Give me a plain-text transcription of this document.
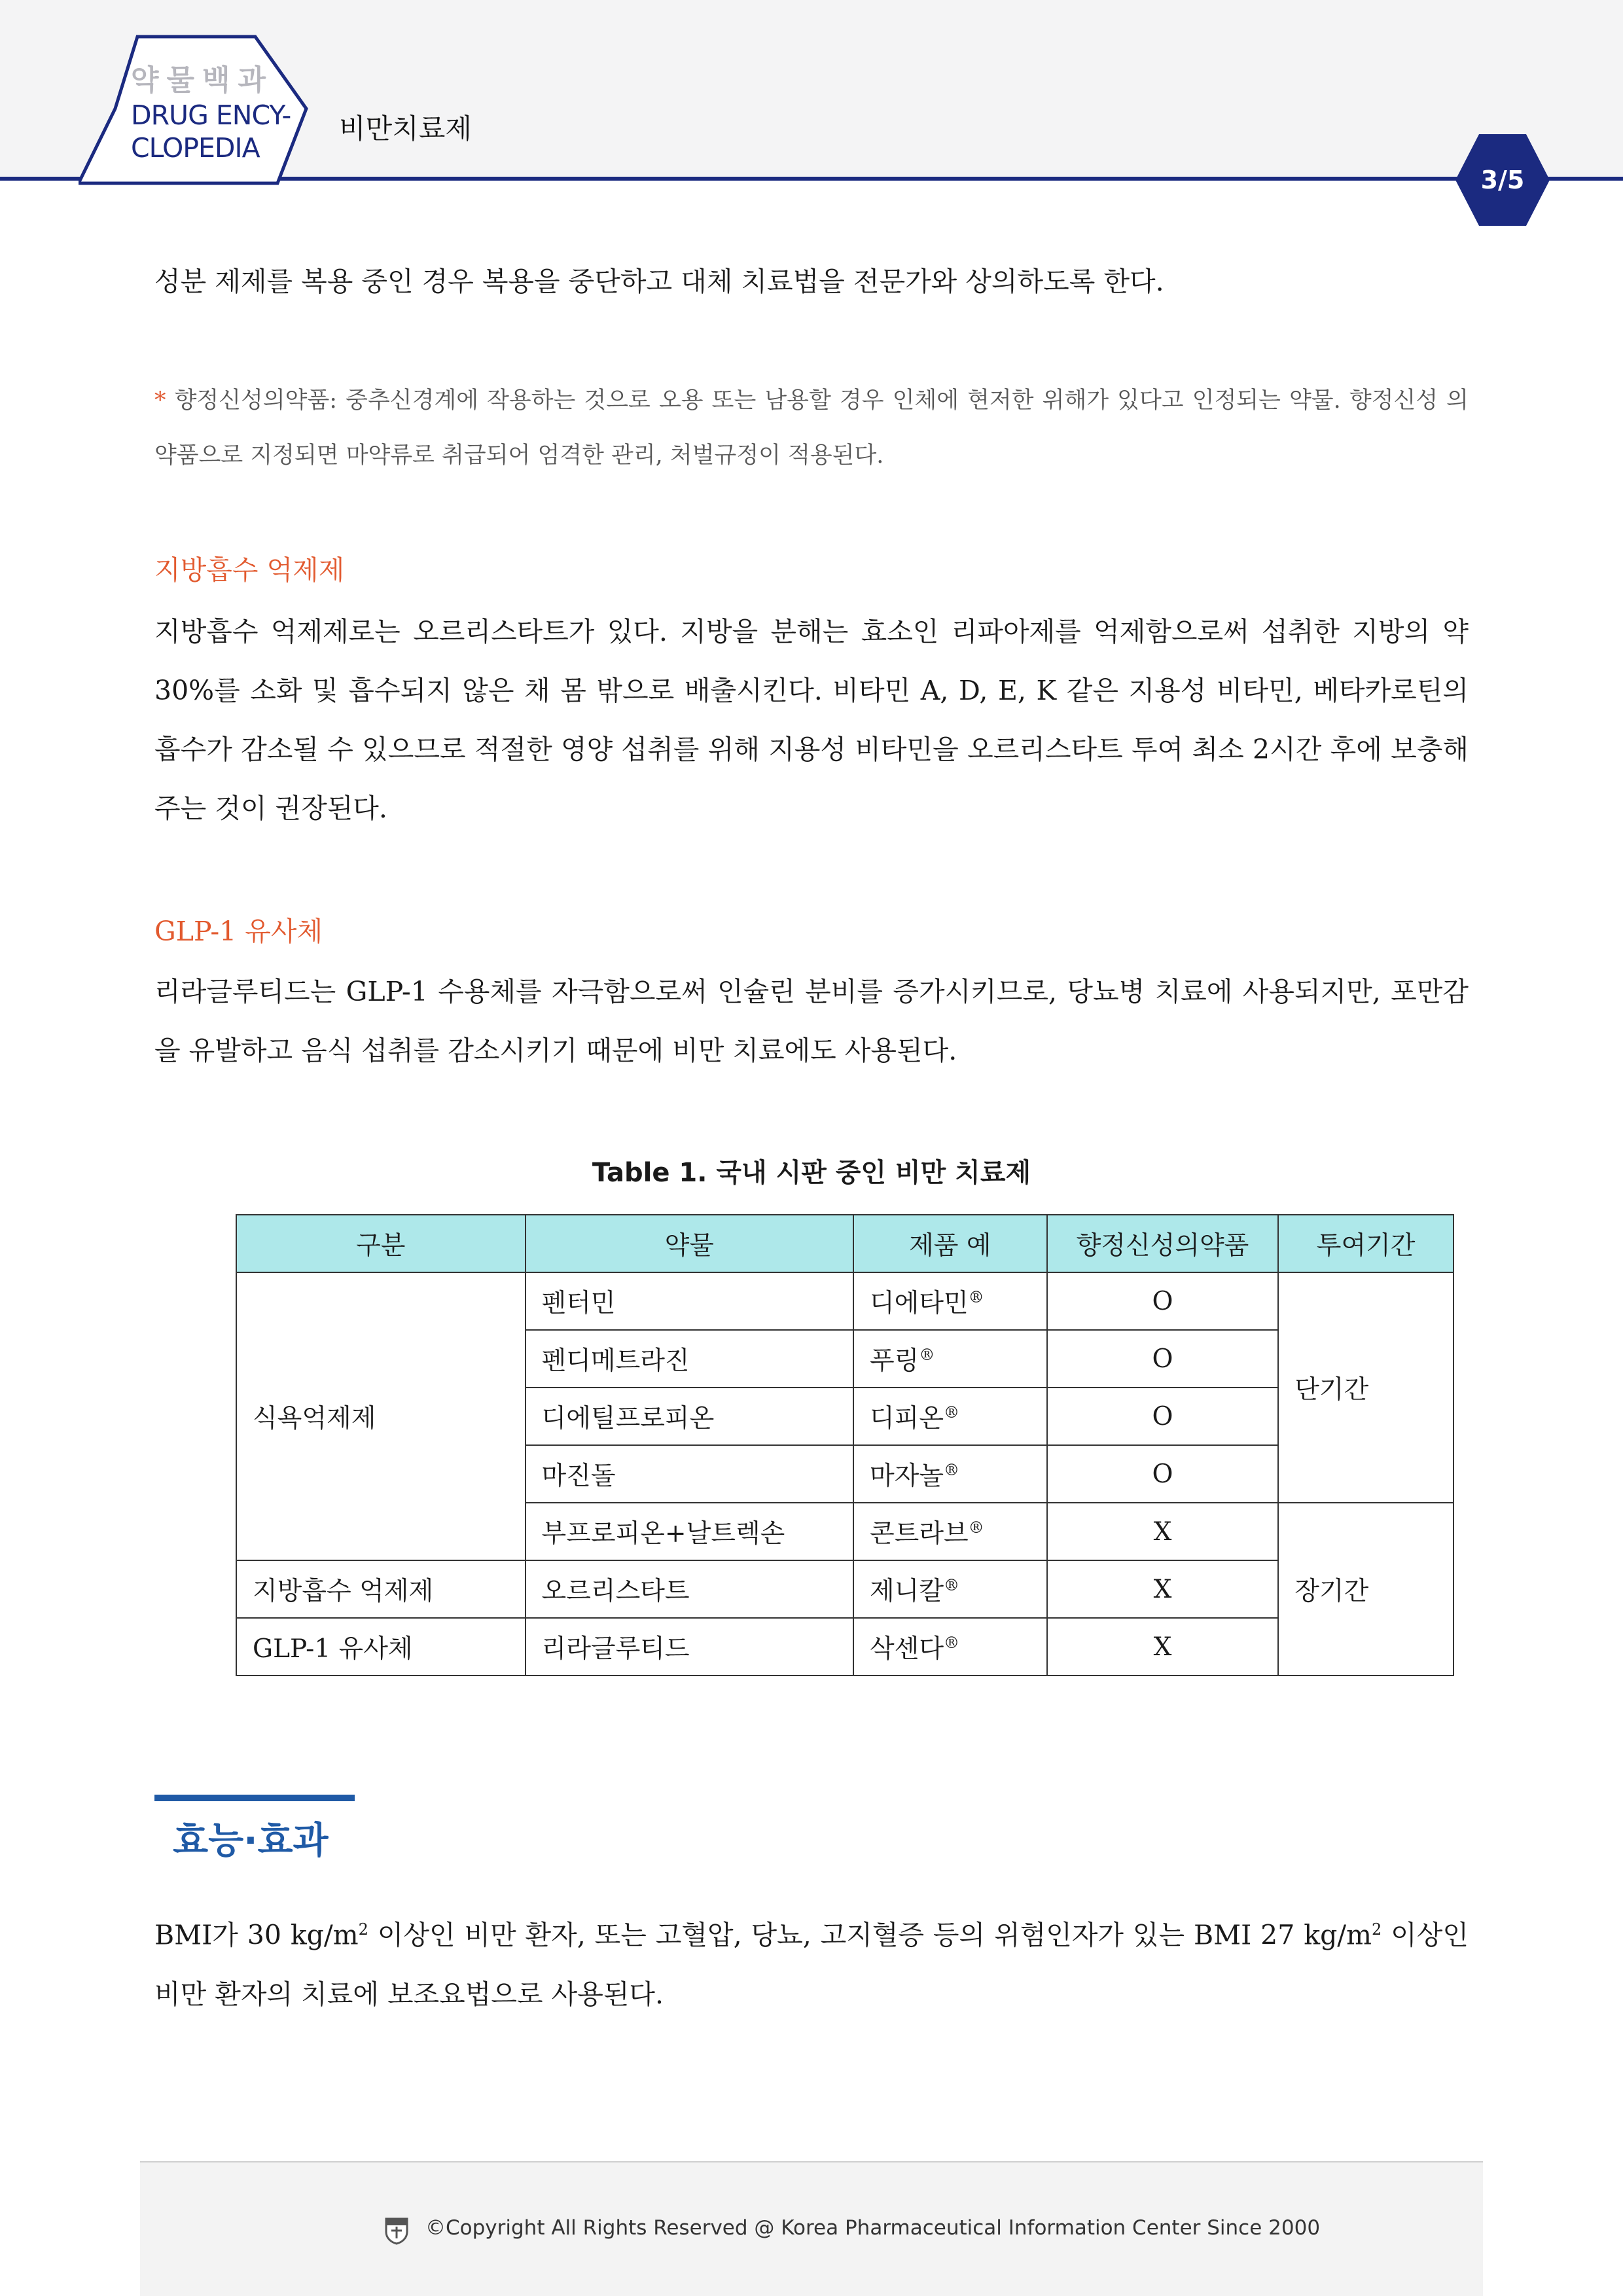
약물백과
DRUG ENCY-
CLOPEDIA
비만치료제
3/5
성분 제제를 복용 중인 경우 복용을 중단하고 대체 치료법을 전문가와 상의하도록 한다.
* 향정신성의약품: 중추신경계에 작용하는 것으로 오용 또는 남용할 경우 인체에 현저한 위해가 있다고 인정되는 약물. 향정신성 의약품으로 지정되면 마약류로 취급되어 엄격한 관리, 처벌규정이 적용된다.
지방흡수 억제제
지방흡수 억제제로는 오르리스타트가 있다. 지방을 분해는 효소인 리파아제를 억제함으로써 섭취한 지방의 약 30%를 소화 및 흡수되지 않은 채 몸 밖으로 배출시킨다. 비타민 A, D, E, K 같은 지용성 비타민, 베타카로틴의 흡수가 감소될 수 있으므로 적절한 영양 섭취를 위해 지용성 비타민을 오르리스타트 투여 최소 2시간 후에 보충해 주는 것이 권장된다.
GLP-1 유사체
리라글루티드는 GLP-1 수용체를 자극함으로써 인슐린 분비를 증가시키므로, 당뇨병 치료에 사용되지만, 포만감을 유발하고 음식 섭취를 감소시키기 때문에 비만 치료에도 사용된다.
Table 1. 국내 시판 중인 비만 치료제
구분	약물	제품 예	향정신성의약품	투여기간
식욕억제제	펜터민	디에타민®	O	단기간
	펜디메트라진	푸링®	O	
	디에틸프로피온	디피온®	O	
	마진돌	마자놀®	O	
	부프로피온+날트렉손	콘트라브®	X	장기간
지방흡수 억제제	오르리스타트	제니칼®	X	
GLP-1 유사체	리라글루티드	삭센다®	X	
효능·효과
BMI가 30 $kg/m^2$ 이상인 비만 환자, 또는 고혈압, 당뇨, 고지혈증 등의 위험인자가 있는 BMI 27 $kg/m^2$ 이상인 비만 환자의 치료에 보조요법으로 사용된다.
©Copyright All Rights Reserved @ Korea Pharmaceutical Information Center Since 2000
